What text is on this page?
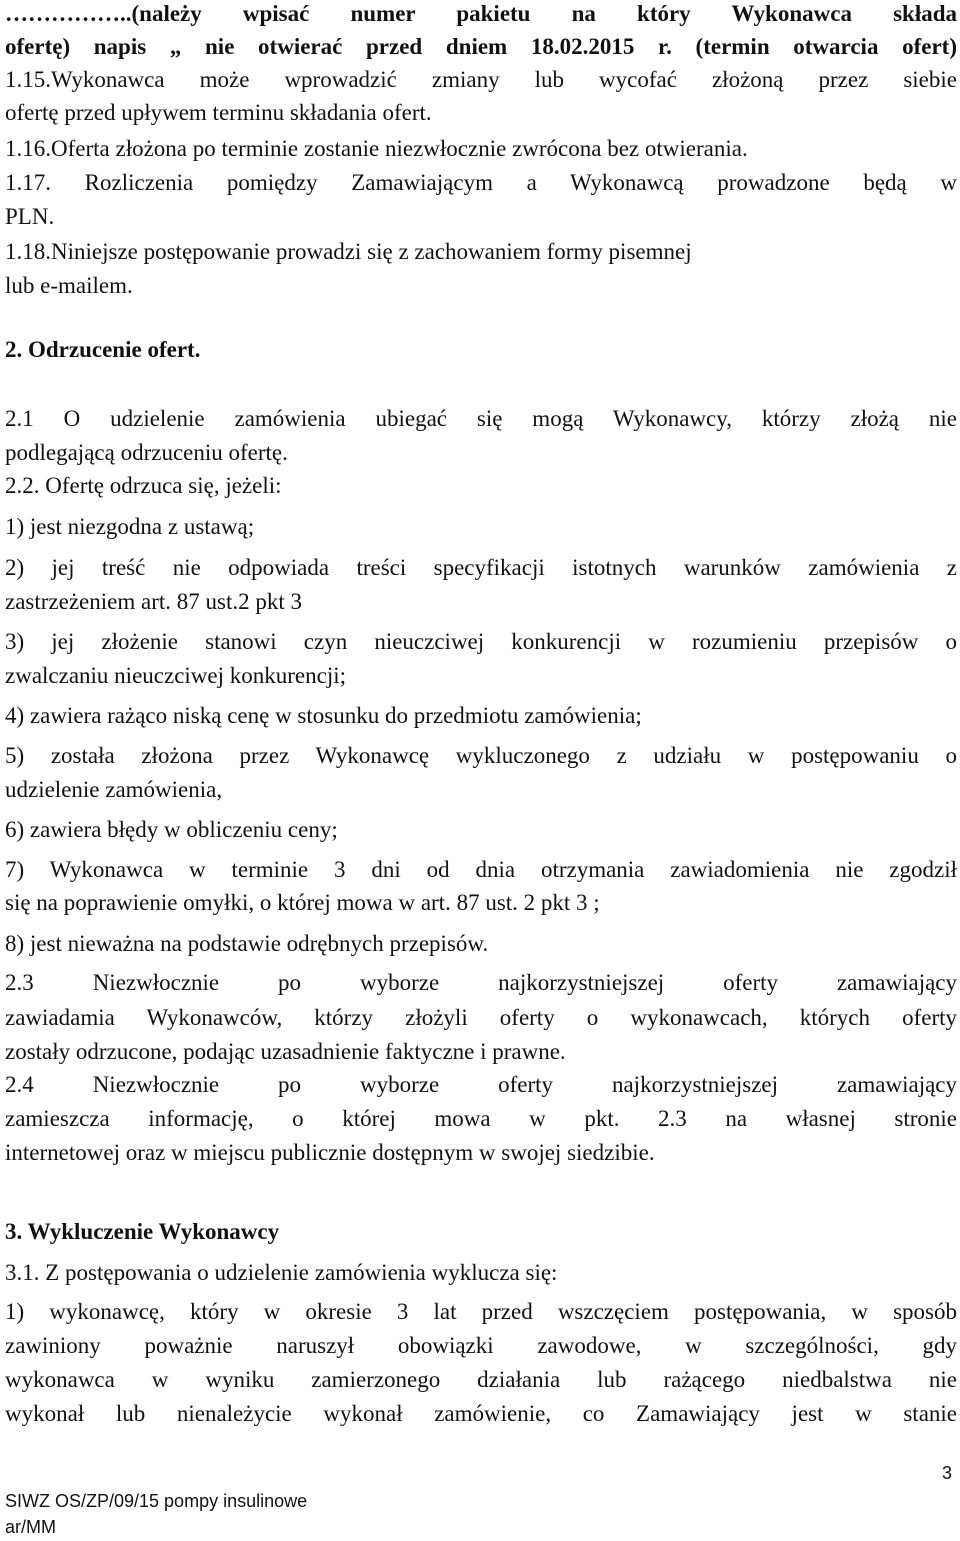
……………..(należy wpisać numer pakietu na który Wykonawca składa

ofertę) napis „ nie otwierać przed dniem 18.02.2015 r. (termin otwarcia ofert)

1.15.Wykonawca może wprowadzić zmiany lub wycofać złożoną przez siebie

ofertę przed upływem terminu składania ofert.

1.16.Oferta złożona po terminie zostanie niezwłocznie zwrócona bez otwierania.

1.17. Rozliczenia pomiędzy Zamawiającym a Wykonawcą prowadzone będą w

PLN.

1.18.Niniejsze postępowanie prowadzi się z zachowaniem formy pisemnej

lub e-mailem.

2. Odrzucenie ofert.

2.1 O udzielenie zamówienia ubiegać się mogą Wykonawcy, którzy złożą nie

podlegającą odrzuceniu ofertę.

2.2. Ofertę odrzuca się, jeżeli:

1) jest niezgodna z ustawą;

2) jej treść nie odpowiada treści specyfikacji istotnych warunków zamówienia z

zastrzeżeniem art. 87 ust.2 pkt 3

3) jej złożenie stanowi czyn nieuczciwej konkurencji w rozumieniu przepisów o

zwalczaniu nieuczciwej konkurencji;

4) zawiera rażąco niską cenę w stosunku do przedmiotu zamówienia;

5) została złożona przez Wykonawcę wykluczonego z udziału w postępowaniu o

udzielenie zamówienia,

6) zawiera błędy w obliczeniu ceny;

7) Wykonawca w terminie 3 dni od dnia otrzymania zawiadomienia nie zgodził

się na poprawienie omyłki, o której mowa w art. 87 ust. 2 pkt 3 ;

8) jest nieważna na podstawie odrębnych przepisów.

2.3 Niezwłocznie po wyborze najkorzystniejszej oferty zamawiający

zawiadamia Wykonawców, którzy złożyli oferty o wykonawcach, których oferty

zostały odrzucone, podając uzasadnienie faktyczne i prawne.

2.4 Niezwłocznie po wyborze oferty najkorzystniejszej zamawiający

zamieszcza informację, o której mowa w pkt. 2.3 na własnej stronie

internetowej oraz w miejscu publicznie dostępnym w swojej siedzibie.

3. Wykluczenie Wykonawcy

3.1. Z postępowania o udzielenie zamówienia wyklucza się:

1) wykonawcę, który w okresie 3 lat przed wszczęciem postępowania, w sposób

zawiniony poważnie naruszył obowiązki zawodowe, w szczególności, gdy

wykonawca w wyniku zamierzonego działania lub rażącego niedbalstwa nie

wykonał lub nienależycie wykonał zamówienie, co Zamawiający jest w stanie

3
SIWZ OS/ZP/09/15 pompy insulinowe
ar/MM
